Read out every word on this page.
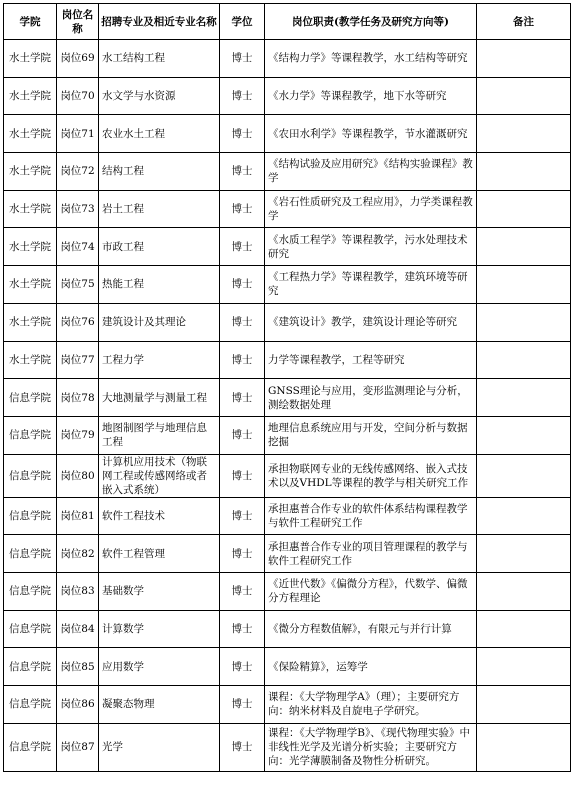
学院	岗位名称	招聘专业及相近专业名称	学位	岗位职责(教学任务及研究方向等)	备注
水土学院	岗位69	水工结构工程	博士	《结构力学》等课程教学，水工结构等研究	
水土学院	岗位70	水文学与水资源	博士	《水力学》等课程教学，地下水等研究	
水土学院	岗位71	农业水土工程	博士	《农田水利学》等课程教学，节水灌溉研究	
水土学院	岗位72	结构工程	博士	《结构试验及应用研究》《结构实验课程》教学	
水土学院	岗位73	岩土工程	博士	《岩石性质研究及工程应用》，力学类课程教学	
水土学院	岗位74	市政工程	博士	《水质工程学》等课程教学，污水处理技术研究	
水土学院	岗位75	热能工程	博士	《工程热力学》等课程教学，建筑环境等研究	
水土学院	岗位76	建筑设计及其理论	博士	《建筑设计》教学，建筑设计理论等研究	
水土学院	岗位77	工程力学	博士	力学等课程教学，工程等研究	
信息学院	岗位78	大地测量学与测量工程	博士	GNSS理论与应用，变形监测理论与分析，测绘数据处理	
信息学院	岗位79	地图制图学与地理信息工程	博士	地理信息系统应用与开发，空间分析与数据挖掘	
信息学院	岗位80	计算机应用技术（物联网工程或传感网络或者嵌入式系统）	博士	承担物联网专业的无线传感网络、嵌入式技术以及VHDL等课程的教学与相关研究工作	
信息学院	岗位81	软件工程技术	博士	承担惠普合作专业的软件体系结构课程教学与软件工程研究工作	
信息学院	岗位82	软件工程管理	博士	承担惠普合作专业的项目管理课程的教学与软件工程研究工作	
信息学院	岗位83	基础数学	博士	《近世代数》《偏微分方程》，代数学、偏微分方程理论	
信息学院	岗位84	计算数学	博士	《微分方程数值解》，有限元与并行计算	
信息学院	岗位85	应用数学	博士	《保险精算》，运筹学	
信息学院	岗位86	凝聚态物理	博士	课程：《大学物理学A》（理）；主要研究方向：纳米材料及自旋电子学研究。	
信息学院	岗位87	光学	博士	课程：《大学物理学B》、《现代物理实验》中非线性光学及光谱分析实验；主要研究方向：光学薄膜制备及物性分析研究。	
